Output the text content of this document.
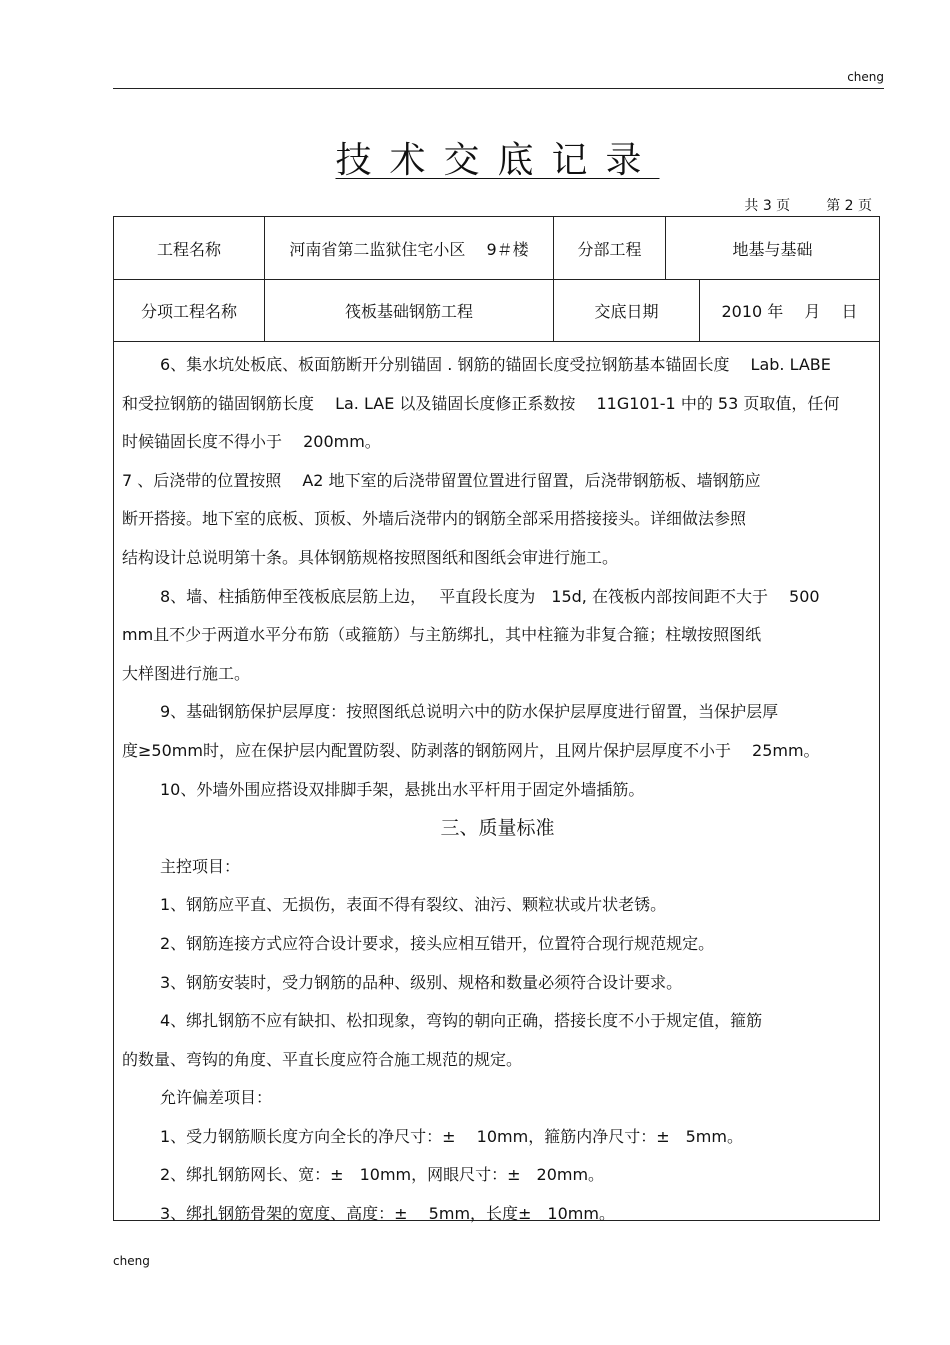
cheng
技术交底记录
共 3 页	第 2 页
工程名称	河南省第二监狱住宅小区　 9＃楼	分部工程	地基与基础
分项工程名称	筏板基础钢筋工程	交底日期	2010 年　 月　 日

6、集水坑处板底、板面筋断开分别锚固 . 钢筋的锚固长度受拉钢筋基本锚固长度　 Lab. LABE

和受拉钢筋的锚固钢筋长度　 La. LAE 以及锚固长度修正系数按　 11G101-1 中的 53 页取值，任何

时候锚固长度不得小于　 200mm。

7 、后浇带的位置按照　 A2 地下室的后浇带留置位置进行留置，后浇带钢筋板、墙钢筋应

断开搭接。地下室的底板、顶板、外墙后浇带内的钢筋全部采用搭接接头。详细做法参照

结构设计总说明第十条。具体钢筋规格按照图纸和图纸会审进行施工。

8、墙、柱插筋伸至筏板底层筋上边，　 平直段长度为　15d, 在筏板内部按间距不大于　 500

mm且不少于两道水平分布筋（或箍筋）与主筋绑扎，其中柱箍为非复合箍；柱墩按照图纸

大样图进行施工。

9、基础钢筋保护层厚度：按照图纸总说明六中的防水保护层厚度进行留置，当保护层厚

度≥50mm时，应在保护层内配置防裂、防剥落的钢筋网片，且网片保护层厚度不小于　 25mm。

10、外墙外围应搭设双排脚手架，悬挑出水平杆用于固定外墙插筋。

三、质量标准

主控项目：

1、钢筋应平直、无损伤，表面不得有裂纹、油污、颗粒状或片状老锈。

2、钢筋连接方式应符合设计要求，接头应相互错开，位置符合现行规范规定。

3、钢筋安装时，受力钢筋的品种、级别、规格和数量必须符合设计要求。

4、绑扎钢筋不应有缺扣、松扣现象，弯钩的朝向正确，搭接长度不小于规定值，箍筋

的数量、弯钩的角度、平直长度应符合施工规范的规定。

允许偏差项目：

1、受力钢筋顺长度方向全长的净尺寸：±　 10mm，箍筋内净尺寸：±　5mm。

2、绑扎钢筋网长、宽：±　10mm，网眼尺寸：±　20mm。

3、绑扎钢筋骨架的宽度、高度：±　 5mm，长度±　10mm。

cheng
